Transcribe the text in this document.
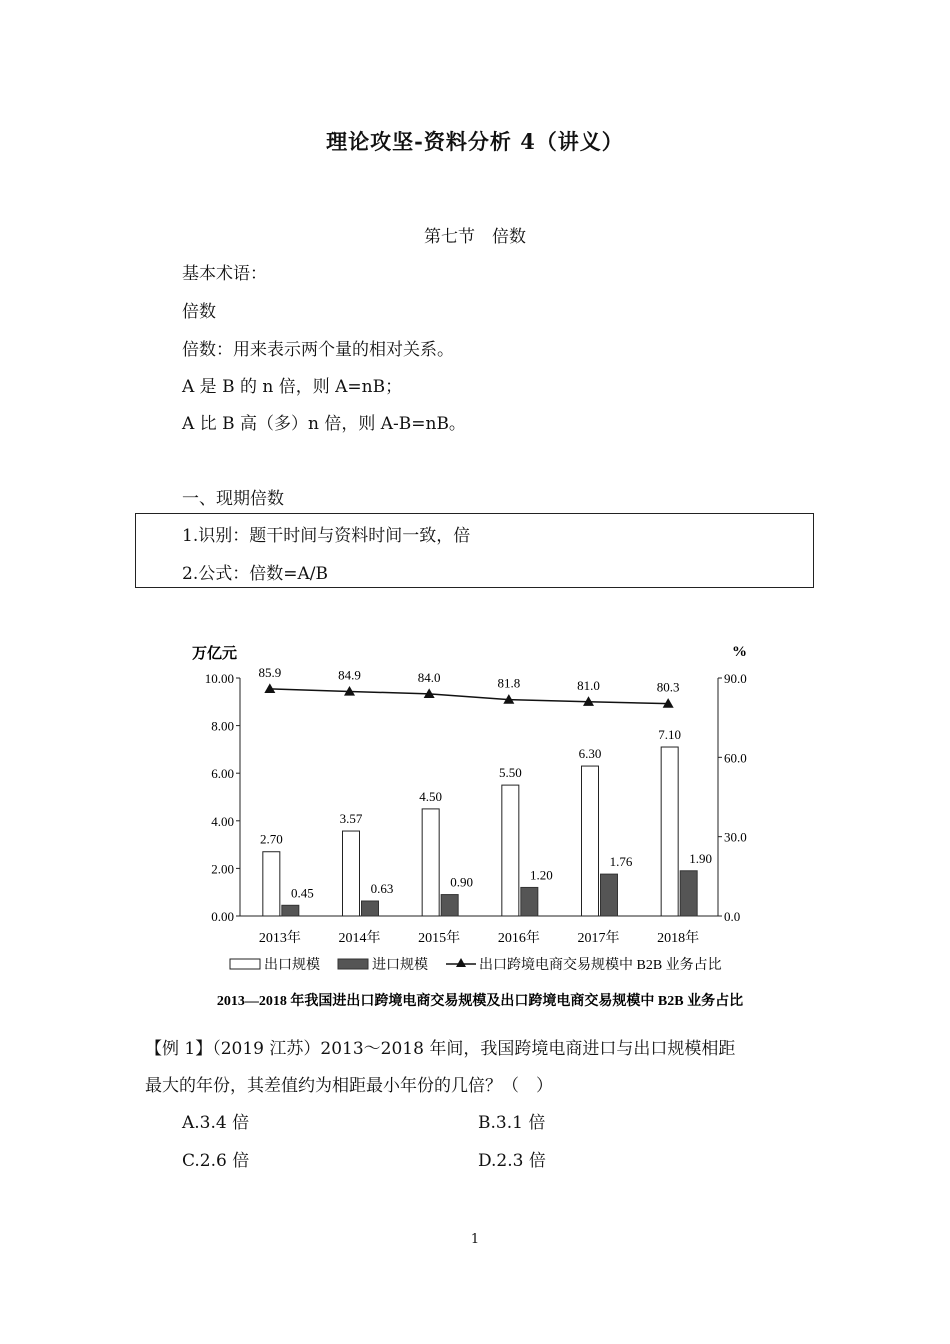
理论攻坚-资料分析 4（讲义）
第七节　倍数
基本术语：
倍数
倍数：用来表示两个量的相对关系。
A 是 B 的 n 倍，则 A=nB；
A 比 B 高（多）n 倍，则 A-B=nB。
一、现期倍数
1.识别：题干时间与资料时间一致，倍
2.公式：倍数=A/B
万亿元	%
0.00
2.00
4.00
6.00
8.00
10.00
0.0
30.0
60.0
90.0
2013年	2014年	2015年	2016年	2017年	2018年
2.70
3.57
4.50
5.50
6.30
7.10
0.45	0.63	0.90	1.20
1.76	1.90
85.9	84.9	84.0	81.8	81.0	80.3
出口规模	进口规模	出口跨境电商交易规模中 B2B 业务占比
2013—2018 年我国进出口跨境电商交易规模及出口跨境电商交易规模中 B2B 业务占比
【例 1】（2019 江苏）2013～2018 年间，我国跨境电商进口与出口规模相距
最大的年份，其差值约为相距最小年份的几倍？（　）
A.3.4 倍	B.3.1 倍
C.2.6 倍	D.2.3 倍
1
